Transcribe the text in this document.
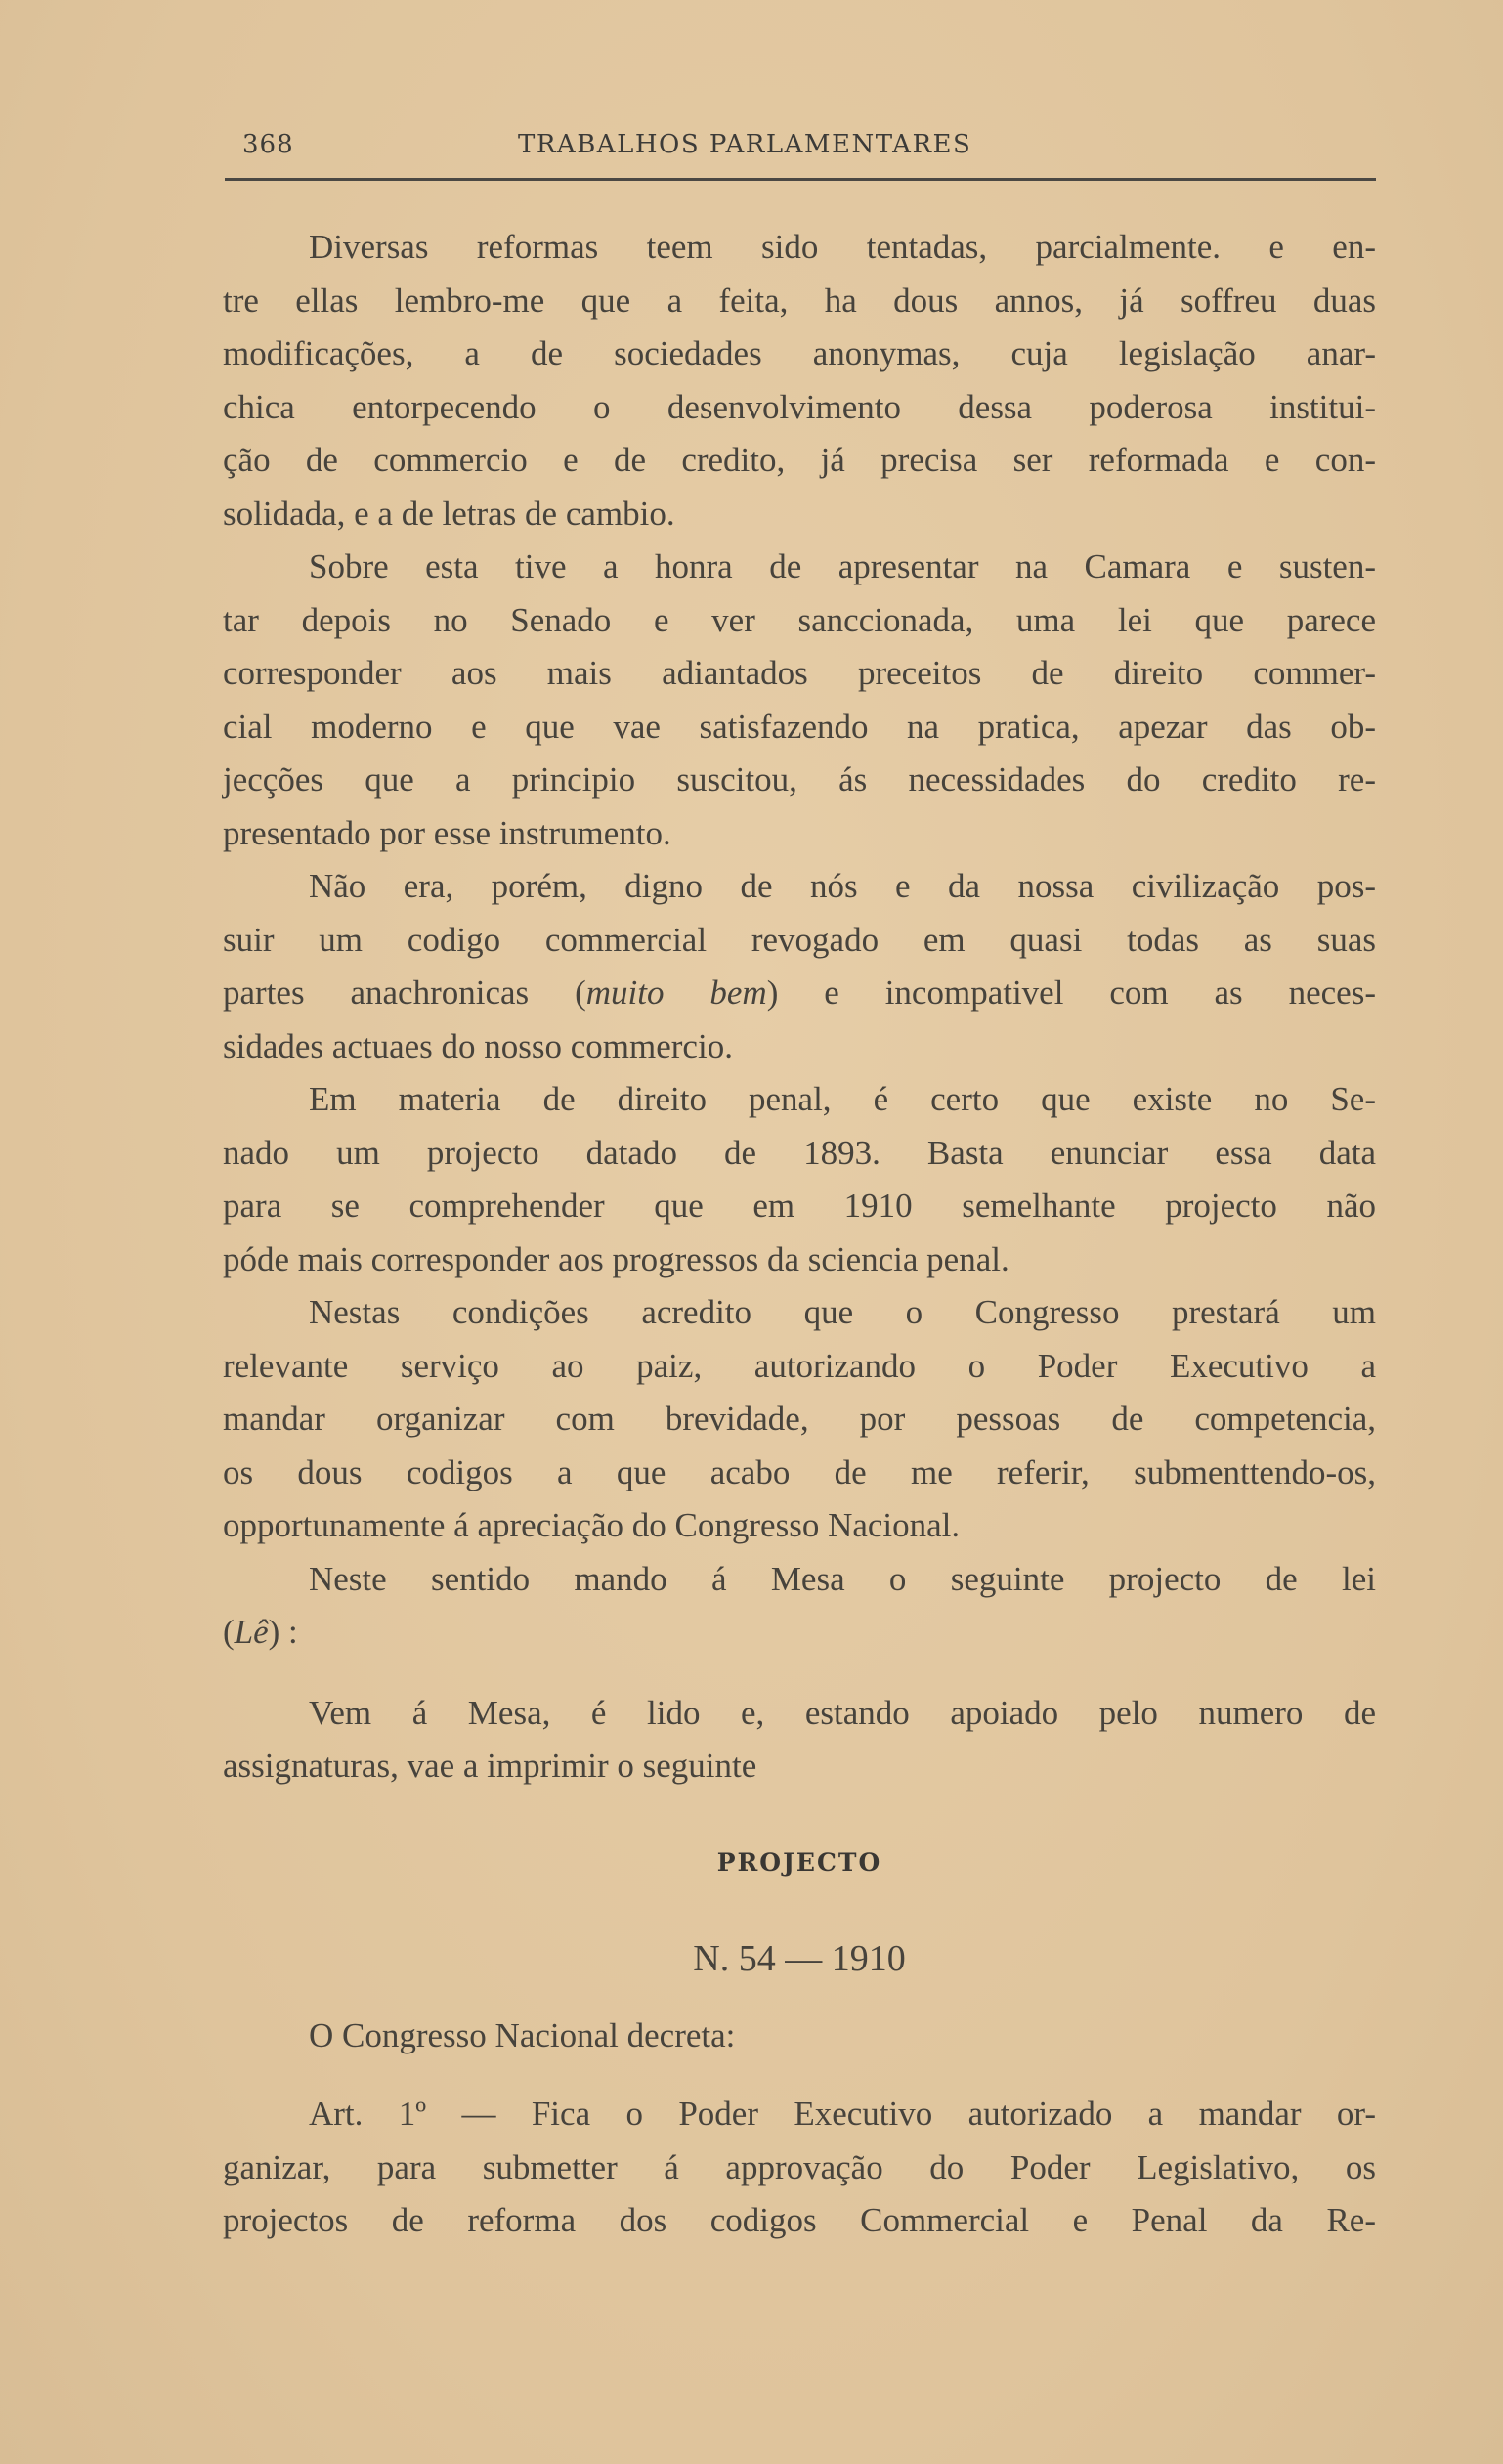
368	TRABALHOS PARLAMENTARES
Diversas reformas teem sido tentadas, parcialmente. e en-
tre ellas lembro-me que a feita, ha dous annos, já soffreu duas
modificações, a de sociedades anonymas, cuja legislação anar-
chica entorpecendo o desenvolvimento dessa poderosa institui-
ção de commercio e de credito, já precisa ser reformada e con-
solidada, e a de letras de cambio.
Sobre esta tive a honra de apresentar na Camara e susten-
tar depois no Senado e ver sanccionada, uma lei que parece
corresponder aos mais adiantados preceitos de direito commer-
cial moderno e que vae satisfazendo na pratica, apezar das ob-
jecções que a principio suscitou, ás necessidades do credito re-
presentado por esse instrumento.
Não era, porém, digno de nós e da nossa civilização pos-
suir um codigo commercial revogado em quasi todas as suas
partes anachronicas (muito bem) e incompativel com as neces-
sidades actuaes do nosso commercio.
Em materia de direito penal, é certo que existe no Se-
nado um projecto datado de 1893. Basta enunciar essa data
para se comprehender que em 1910 semelhante projecto não
póde mais corresponder aos progressos da sciencia penal.
Nestas condições acredito que o Congresso prestará um
relevante serviço ao paiz, autorizando o Poder Executivo a
mandar organizar com brevidade, por pessoas de competencia,
os dous codigos a que acabo de me referir, submenttendo-os,
opportunamente á apreciação do Congresso Nacional.
Neste sentido mando á Mesa o seguinte projecto de lei
(Lê) :
Vem á Mesa, é lido e, estando apoiado pelo numero de
assignaturas, vae a imprimir o seguinte
PROJECTO
N. 54 — 1910
O Congresso Nacional decreta:
Art. 1º — Fica o Poder Executivo autorizado a mandar or-
ganizar, para submetter á approvação do Poder Legislativo, os
projectos de reforma dos codigos Commercial e Penal da Re-
